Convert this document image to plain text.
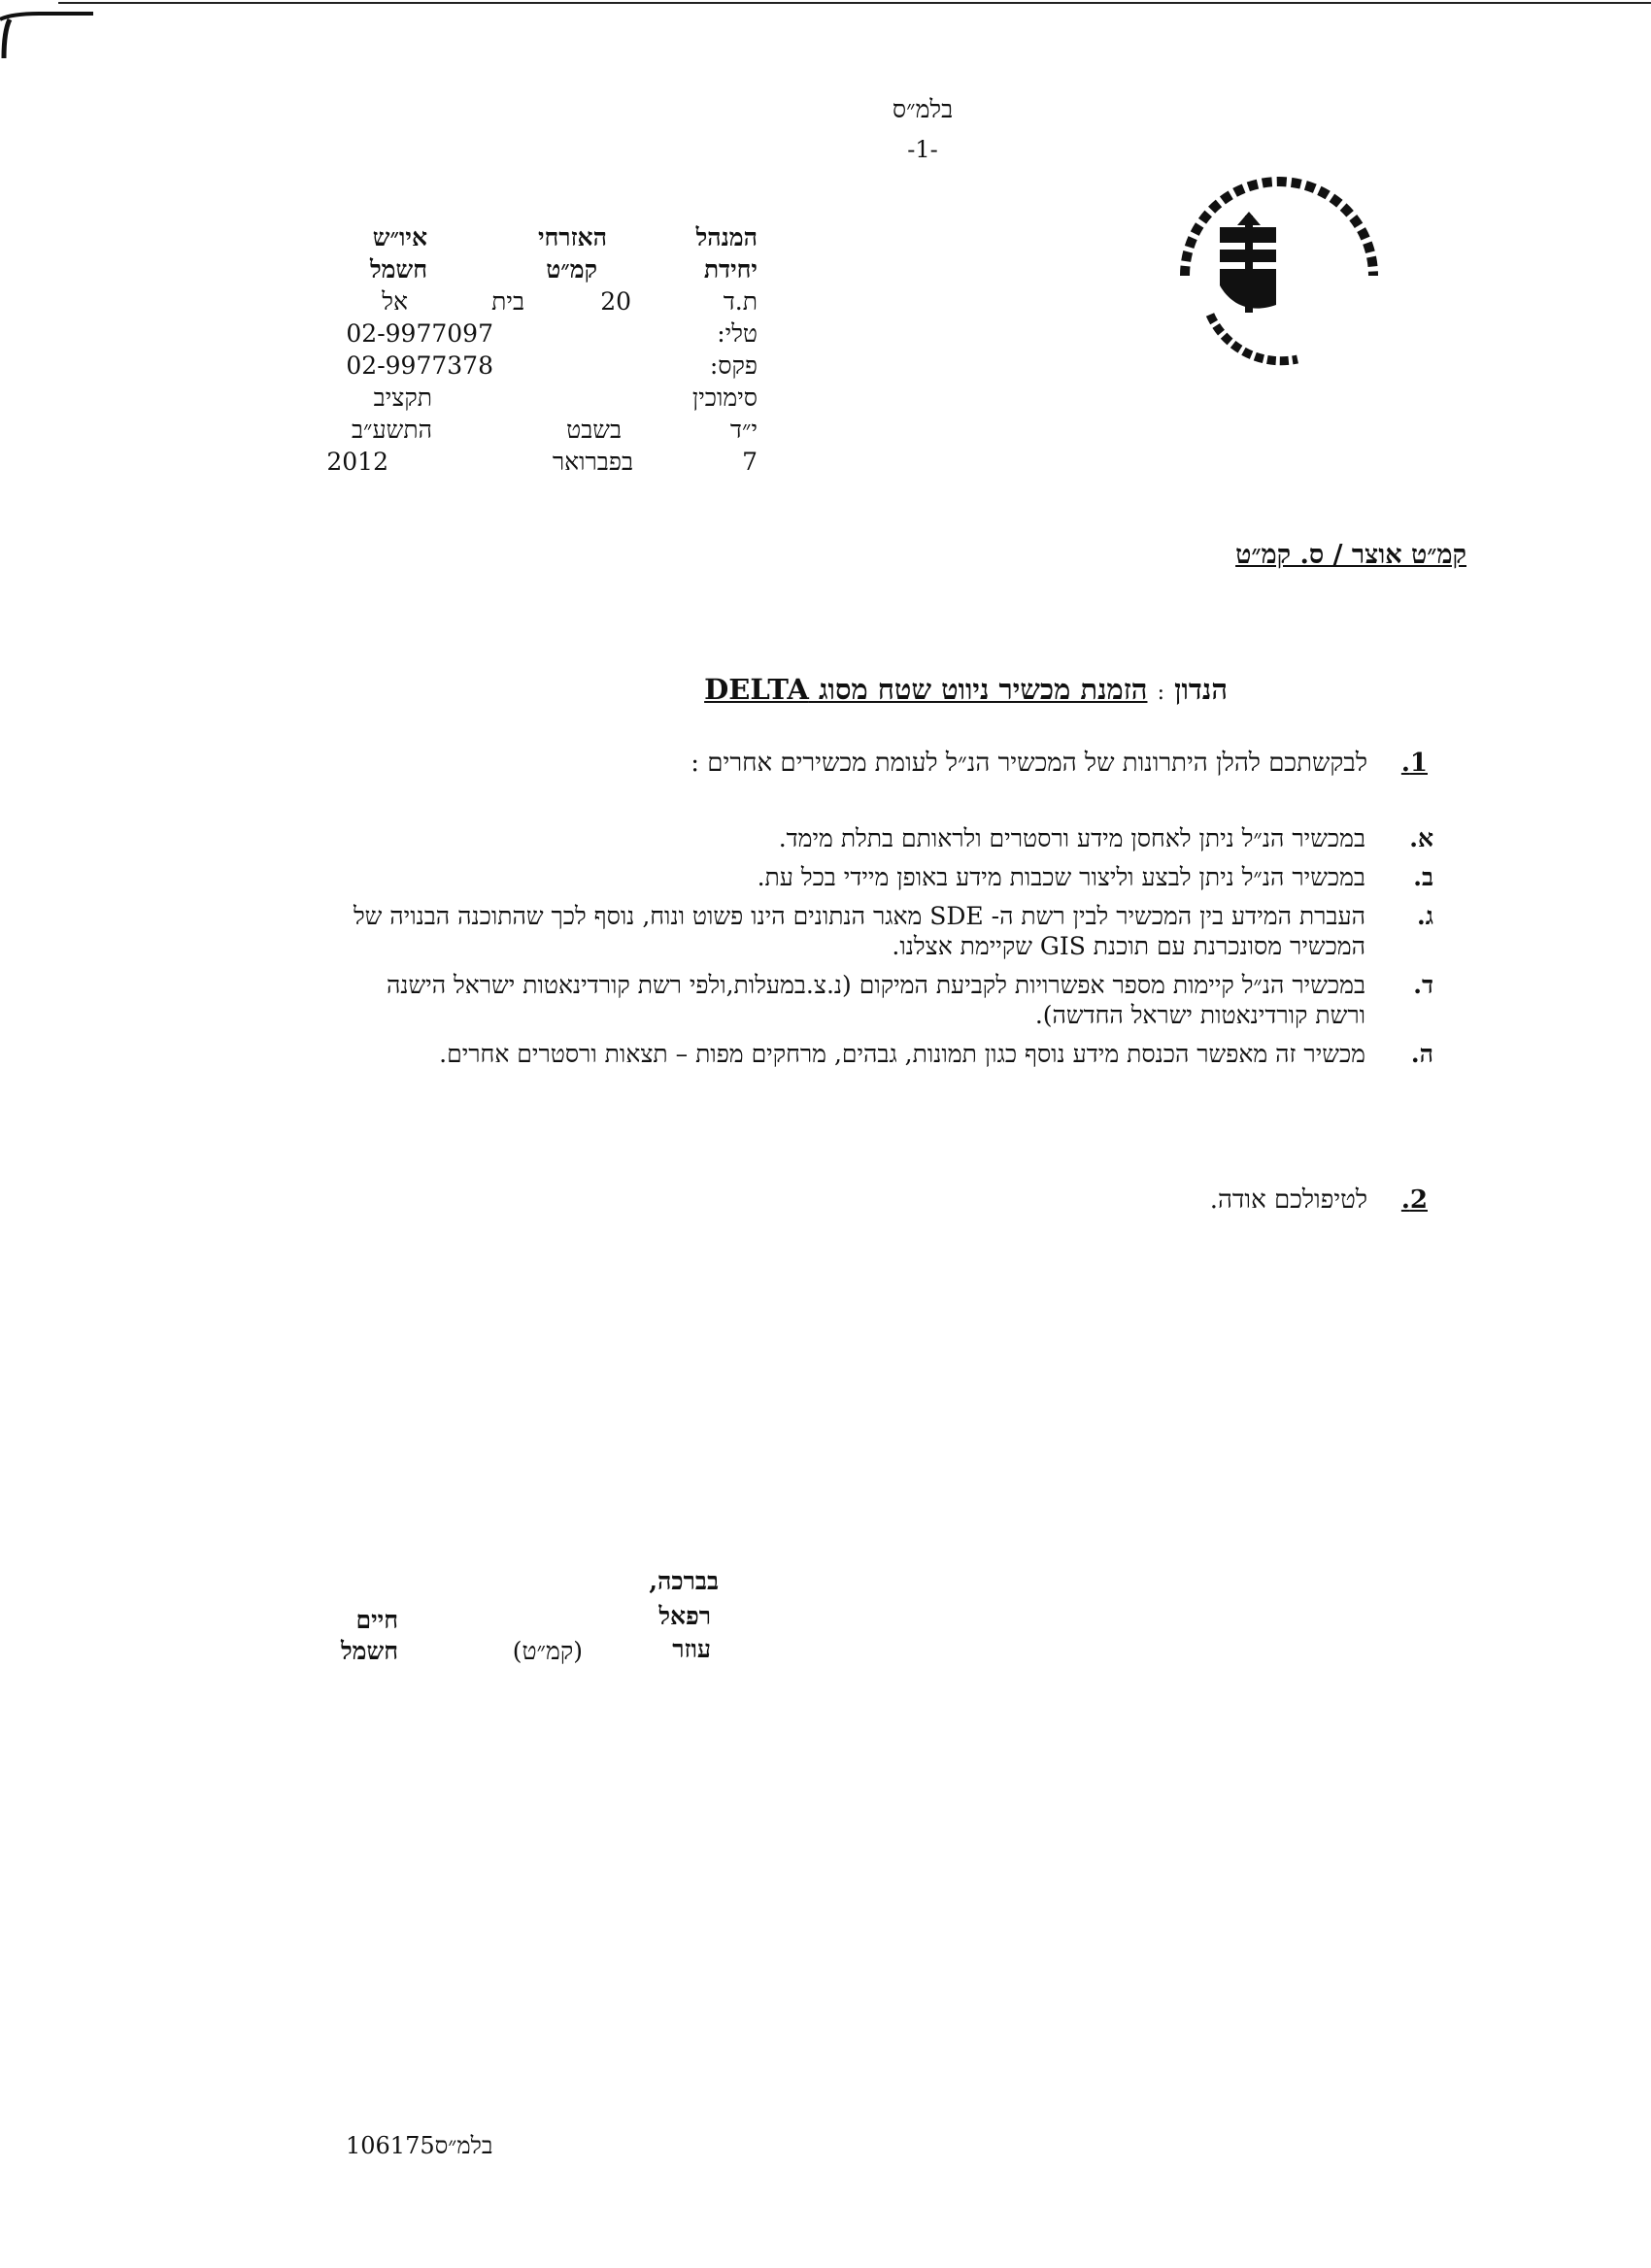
בלמ״ס
-1-
המנהל
האזרחי
איו״ש
יחידת
קמ״ט
חשמל
ת.ד
20
בית
אל
טלי:
02-9977097
פקס:
02-9977378
סימוכין
תקציב
י״ד
בשבט
התשע״ב
7
בפברואר
2012
קמ״ט אוצר / ס. קמ״ט
הנדון : הזמנת מכשיר ניווט שטח מסוג DELTA
1.
לבקשתכם להלן היתרונות של המכשיר הנ״ל לעומת מכשירים אחרים :
א.
במכשיר הנ״ל ניתן לאחסן מידע ורסטרים ולראותם בתלת מימד.
ב.
במכשיר הנ״ל ניתן לבצע וליצור שכבות מידע באופן מיידי בכל עת.
ג.
העברת המידע בין המכשיר לבין רשת ה- SDE מאגר הנתונים הינו פשוט ונוח, נוסף לכך שהתוכנה הבנויה של המכשיר מסונכרנת עם תוכנת GIS שקיימת אצלנו.
ד.
במכשיר הנ״ל קיימות מספר אפשרויות לקביעת המיקום (נ.צ.במעלות,ולפי רשת קורדינאטות ישראל הישנה ורשת קורדינאטות ישראל החדשה).
ה.
מכשיר זה מאפשר הכנסת מידע נוסף כגון תמונות, גבהים, מרחקים מפות – תצאות ורסטרים אחרים.
2.
לטיפולכם אודה.
בברכה,
רפאל
עוזר
(קמ״ט)
חיים
חשמל
בלמ״ס106175
